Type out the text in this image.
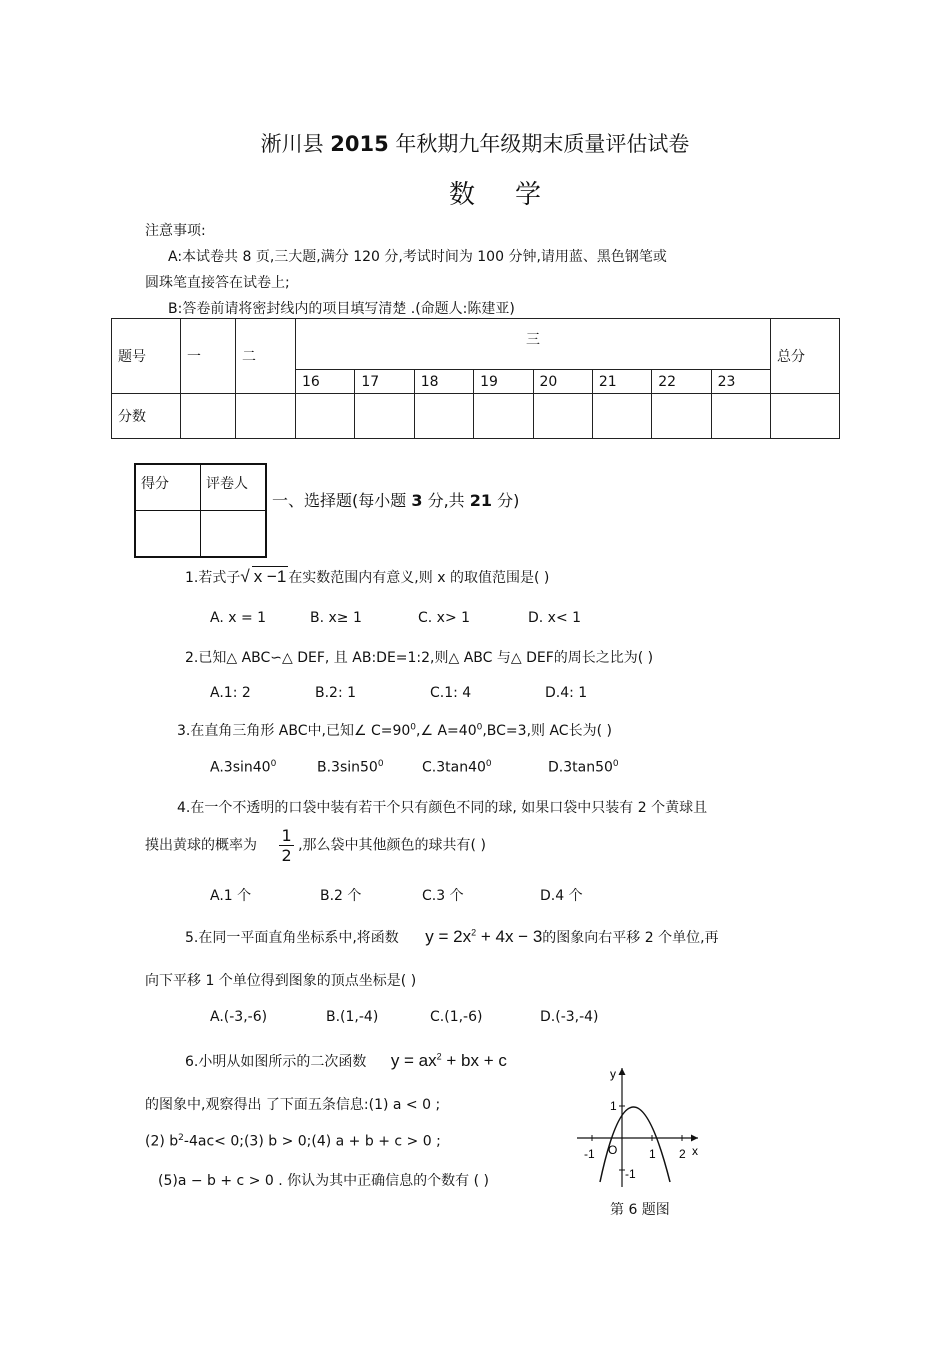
淅川县 2015 年秋期九年级期末质量评估试卷
数学
注意事项:
A:本试卷共 8 页,三大题,满分 120 分,考试时间为 100 分钟,请用蓝、黑色钢笔或
圆珠笔直接答在试卷上;
B:答卷前请将密封线内的项目填写清楚 .(命题人:陈建亚)
题号	一	二	三								总分
			16	17	18	19	20	21	22	23	
分数											
得分	评卷人

一、选择题(每小题 3 分,共 21 分)
1.若式子√ x −1 在实数范围内有意义,则 x 的取值范围是( )
A. x = 1	B. x≥ 1	C. x> 1	D. x< 1
2.已知△ ABC∽△ DEF, 且 AB:DE=1:2,则△ ABC 与△ DEF的周长之比为( )
A.1: 2	B.2: 1	C.1: 4	D.4: 1
3.在直角三角形 ABC中,已知∠ $C=90^0,\angle$ $A=40^0,BC=3$,则 AC长为( )
$A.3\sin 40^0$	$B.3\sin 50^0$	$C.3\tan 40^0$	$D.3\tan 50^0$
4.在一个不透明的口袋中装有若干个只有颜色不同的球, 如果口袋中只装有 2 个黄球且
摸出黄球的概率为 $\frac{1}{2}$ ,那么袋中其他颜色的球共有( )
A.1 个	B.2 个	C.3 个	D.4 个
5.在同一平面直角坐标系中,将函数 $y = 2x^2 + 4x - 3$的图象向右平移 2 个单位,再
向下平移 1 个单位得到图象的顶点坐标是( )
A.(-3,-6)	B.(1,-4)	C.(1,-6)	D.(-3,-4)
6.小明从如图所示的二次函数 $y = ax^2$ + bx + c
的图象中,观察得出 了下面五条信息:(1) a < 0 ;
(2) $b^2-4ac<$ 0;(3) b > 0;(4) a + b + c > 0 ;
(5)a − b + c > 0 . 你认为其中正确信息的个数有 ( )
y
x
O
-1	1 2
1
-1
第 6 题图
